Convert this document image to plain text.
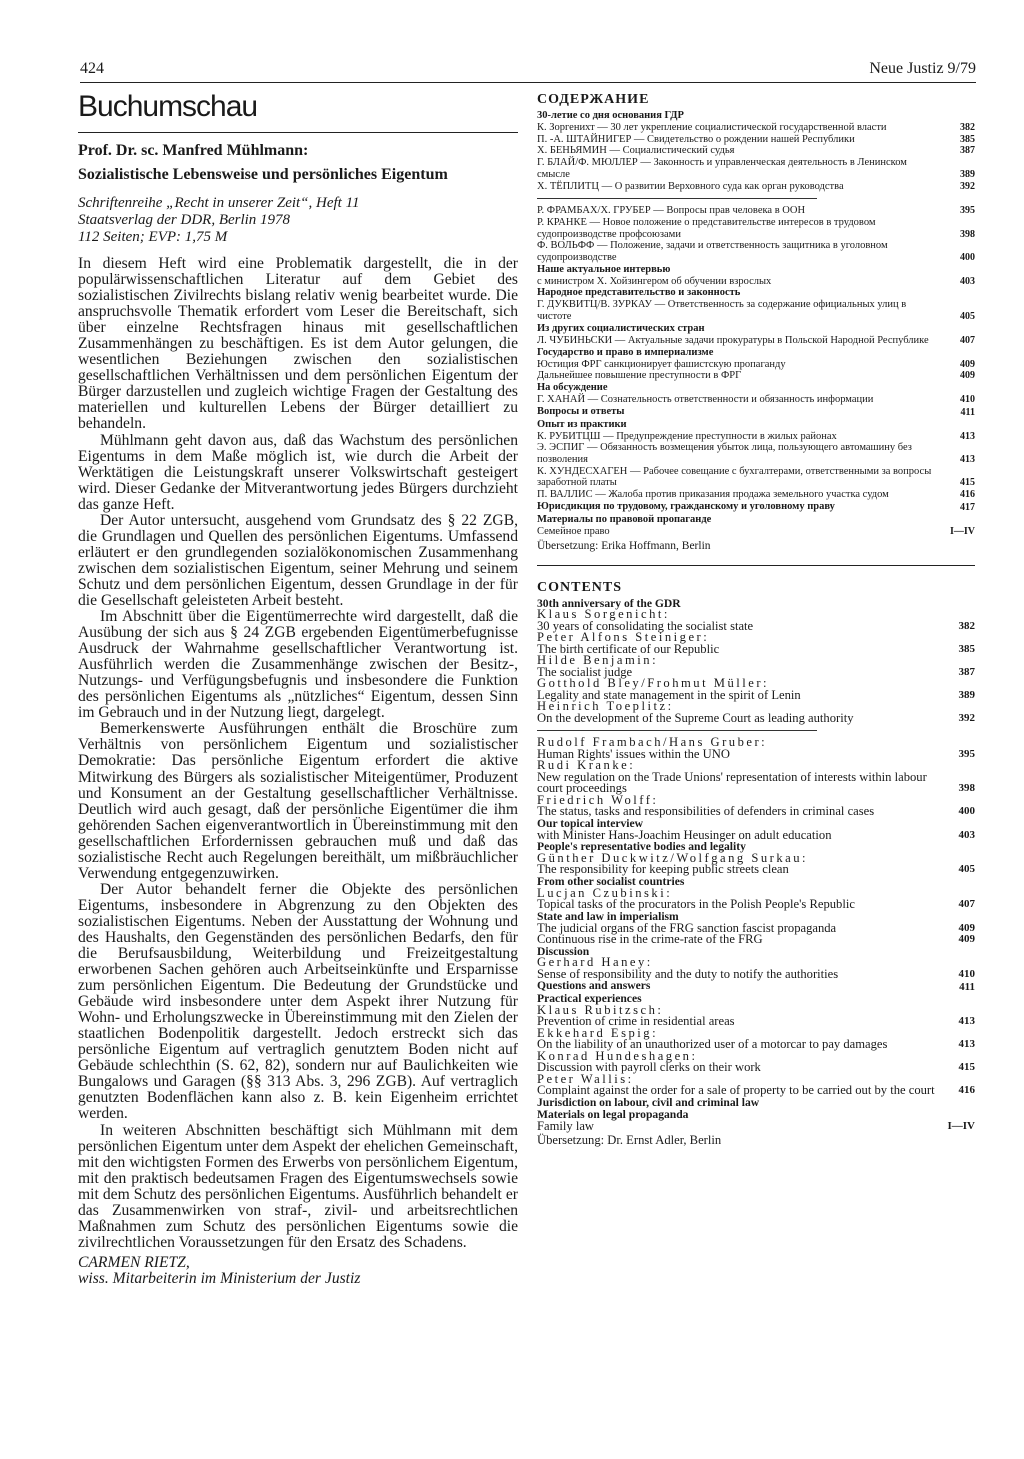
424	Neue Justiz 9/79
Buchumschau
Prof. Dr. sc. Manfred Mühlmann:
Sozialistische Lebensweise und persönliches Eigentum
Schriftenreihe „Recht in unserer Zeit“, Heft 11
Staatsverlag der DDR, Berlin 1978
112 Seiten; EVP: 1,75 M

In diesem Heft wird eine Problematik dargestellt, die in der populärwissenschaftlichen Literatur auf dem Gebiet des sozialistischen Zivilrechts bislang relativ wenig bearbeitet wurde. Die anspruchsvolle Thematik erfordert vom Leser die Bereitschaft, sich über einzelne Rechtsfragen hinaus mit gesellschaftlichen Zusammenhängen zu beschäftigen. Es ist dem Autor gelungen, die wesentlichen Beziehungen zwischen den sozialistischen gesellschaftlichen Verhältnissen und dem persönlichen Eigentum der Bürger darzustellen und zugleich wichtige Fragen der Gestaltung des materiellen und kulturellen Lebens der Bürger detailliert zu behandeln.

Mühlmann geht davon aus, daß das Wachstum des persönlichen Eigentums in dem Maße möglich ist, wie durch die Arbeit der Werktätigen die Leistungskraft unserer Volkswirtschaft gesteigert wird. Dieser Gedanke der Mitverantwortung jedes Bürgers durchzieht das ganze Heft.

Der Autor untersucht, ausgehend vom Grundsatz des § 22 ZGB, die Grundlagen und Quellen des persönlichen Eigentums. Umfassend erläutert er den grundlegenden sozialökonomischen Zusammenhang zwischen dem sozialistischen Eigentum, seiner Mehrung und seinem Schutz und dem persönlichen Eigentum, dessen Grundlage in der für die Gesellschaft geleisteten Arbeit besteht.

Im Abschnitt über die Eigentümerrechte wird dargestellt, daß die Ausübung der sich aus § 24 ZGB ergebenden Eigentümerbefugnisse Ausdruck der Wahrnahme gesellschaftlicher Verantwortung ist. Ausführlich werden die Zusammenhänge zwischen der Besitz-, Nutzungs- und Verfügungsbefugnis und insbesondere die Funktion des persönlichen Eigentums als „nützliches“ Eigentum, dessen Sinn im Gebrauch und in der Nutzung liegt, dargelegt.

Bemerkenswerte Ausführungen enthält die Broschüre zum Verhältnis von persönlichem Eigentum und sozialistischer Demokratie: Das persönliche Eigentum erfordert die aktive Mitwirkung des Bürgers als sozialistischer Miteigentümer, Produzent und Konsument an der Gestaltung gesellschaftlicher Verhältnisse. Deutlich wird auch gesagt, daß der persönliche Eigentümer die ihm gehörenden Sachen eigenverantwortlich in Übereinstimmung mit den gesellschaftlichen Erfordernissen gebrauchen muß und daß das sozialistische Recht auch Regelungen bereithält, um mißbräuchlicher Verwendung entgegenzuwirken.

Der Autor behandelt ferner die Objekte des persönlichen Eigentums, insbesondere in Abgrenzung zu den Objekten des sozialistischen Eigentums. Neben der Ausstattung der Wohnung und des Haushalts, den Gegenständen des persönlichen Bedarfs, den für die Berufsausbildung, Weiterbildung und Freizeitgestaltung erworbenen Sachen gehören auch Arbeitseinkünfte und Ersparnisse zum persönlichen Eigentum. Die Bedeutung der Grundstücke und Gebäude wird insbesondere unter dem Aspekt ihrer Nutzung für Wohn- und Erholungszwecke in Übereinstimmung mit den Zielen der staatlichen Bodenpolitik dargestellt. Jedoch erstreckt sich das persönliche Eigentum auf vertraglich genutztem Boden nicht auf Gebäude schlechthin (S. 62, 82), sondern nur auf Baulichkeiten wie Bungalows und Garagen (§§ 313 Abs. 3, 296 ZGB). Auf vertraglich genutzten Bodenflächen kann also z. B. kein Eigenheim errichtet werden.

In weiteren Abschnitten beschäftigt sich Mühlmann mit dem persönlichen Eigentum unter dem Aspekt der ehelichen Gemeinschaft, mit den wichtigsten Formen des Erwerbs von persönlichem Eigentum, mit den praktisch bedeutsamen Fragen des Eigentumswechsels sowie mit dem Schutz des persönlichen Eigentums. Ausführlich behandelt er das Zusammenwirken von straf-, zivil- und arbeitsrechtlichen Maßnahmen zum Schutz des persönlichen Eigentums sowie die zivilrechtlichen Voraussetzungen für den Ersatz des Schadens.

CARMEN RIETZ,
wiss. Mitarbeiterin im Ministerium der Justiz
СОДЕРЖАНИЕ
30-летие со дня основания ГДР
К. Зоргенихт — 30 лет укрепление социалистической государственной власти	382
П. -А. ШТАЙНИГЕР — Свидетельство о рождении нашей Республики	385
Х. БЕНЬЯМИН — Социалистический судья	387
Г. БЛАЙ/Ф. МЮЛЛЕР — Законность и управленческая деятельность в Ленинском смысле	389
Х. ТЁПЛИТЦ — О развитии Верховного суда как орган руководства	392
Р. ФРАМБАХ/Х. ГРУБЕР — Вопросы прав человека в ООН	395
Р. КРАНКЕ — Новое положение о представительстве интересов в трудовом судопроизводстве профсоюзами	398
Ф. ВОЛЬФФ — Положение, задачи и ответственность защитника в уголовном судопроизводстве	400
Наше актуальное интервью
с министром Х. Хойзингером об обучении взрослых	403
Народное представительство и законность
Г. ДУКВИТЦ/В. ЗУРКАУ — Ответственность за содержание официальных улиц в чистоте	405
Из других социалистических стран
Л. ЧУБИНЬСКИ — Актуальные задачи прокуратуры в Польской Народной Республике	407
Государство и право в империализме
Юстиция ФРГ санкционирует фашистскую пропаганду	409
Дальнейшее повышение преступности в ФРГ	409
На обсуждение
Г. ХАНАЙ — Сознательность ответственности и обязанность информации	410
Вопросы и ответы	411
Опыт из практики
К. РУБИТЦШ — Предупреждение преступности в жилых районах	413
Э. ЭСПИГ — Обязанность возмещения убыток лица, пользующего автомашину без позволения	413
К. ХУНДЕСХАГЕН — Рабочее совещание с бухгалтерами, ответственными за вопросы заработной платы	415
П. ВАЛЛИС — Жалоба против приказания продажа земельного участка судом	416
Юрисдикция по трудовому, гражданскому и уголовному праву	417
Материалы по правовой пропаганде
Семейное право	I—IV
Übersetzung: Erika Hoffmann, Berlin
CONTENTS
30th anniversary of the GDR
Klaus Sorgenicht:
30 years of consolidating the socialist state	382
Peter Alfons Steiniger:
The birth certificate of our Republic	385
Hilde Benjamin:
The socialist judge	387
Gotthold Bley/Frohmut Müller:
Legality and state management in the spirit of Lenin	389
Heinrich Toeplitz:
On the development of the Supreme Court as leading authority	392
Rudolf Frambach/Hans Gruber:
Human Rights' issues within the UNO	395
Rudi Kranke:
New regulation on the Trade Unions' representation of interests within labour court proceedings	398
Friedrich Wolff:
The status, tasks and responsibilities of defenders in criminal cases	400
Our topical interview
with Minister Hans-Joachim Heusinger on adult education	403
People's representative bodies and legality
Günther Duckwitz/Wolfgang Surkau:
The responsibility for keeping public streets clean	405
From other socialist countries
Lucjan Czubinski:
Topical tasks of the procurators in the Polish People's Republic	407
State and law in imperialism
The judicial organs of the FRG sanction fascist propaganda	409
Continuous rise in the crime-rate of the FRG	409
Discussion
Gerhard Haney:
Sense of responsibility and the duty to notify the authorities	410
Questions and answers	411
Practical experiences
Klaus Rubitzsch:
Prevention of crime in residential areas	413
Ekkehard Espig:
On the liability of an unauthorized user of a motorcar to pay damages	413
Konrad Hundeshagen:
Discussion with payroll clerks on their work	415
Peter Wallis:
Complaint against the order for a sale of property to be carried out by the court 416
Jurisdiction on labour, civil and criminal law
Materials on legal propaganda
Family law	I—IV
Übersetzung: Dr. Ernst Adler, Berlin
